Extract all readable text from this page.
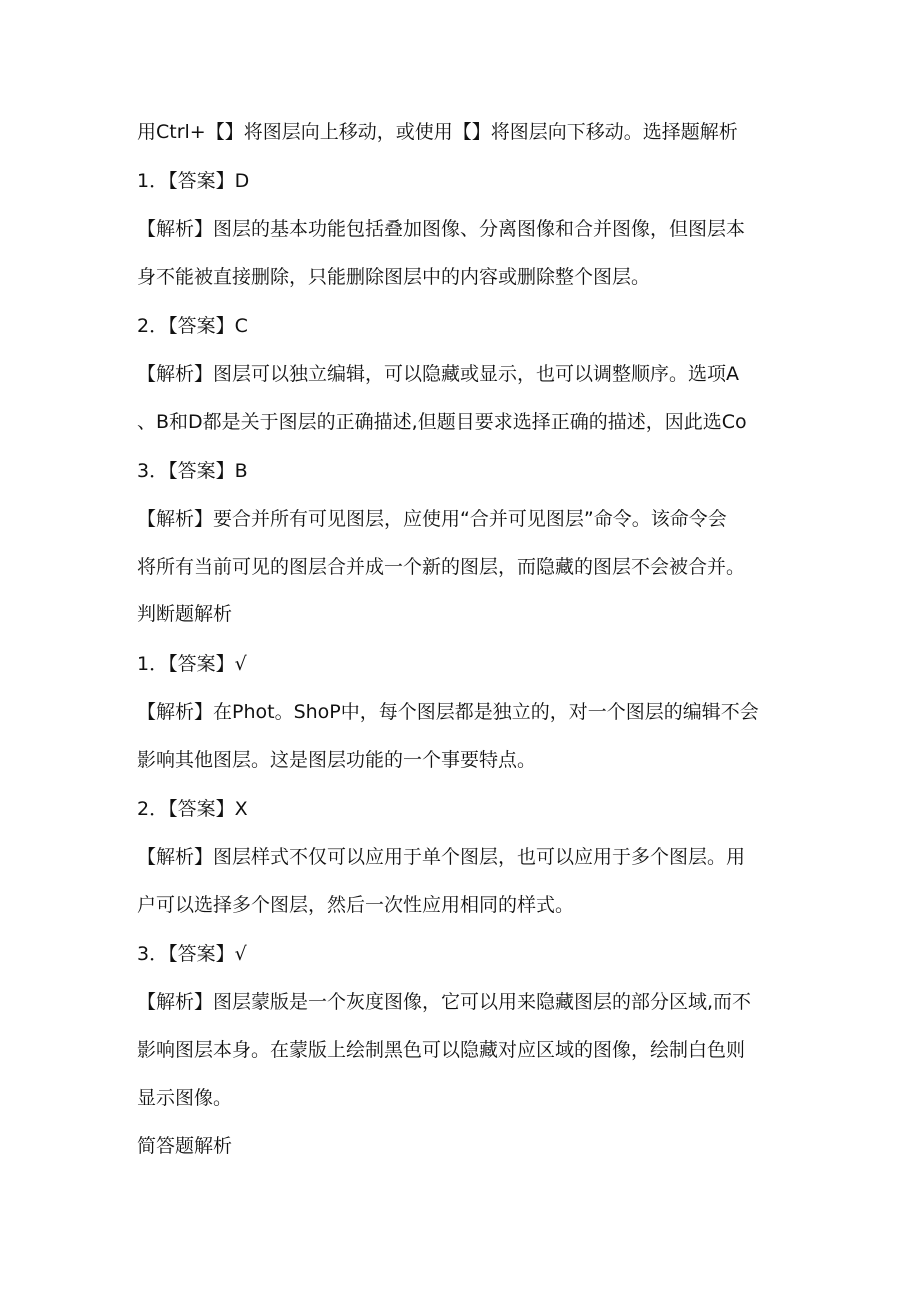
用Ctrl+【】将图层向上移动，或使用【】将图层向下移动。选择题解析
1．【答案】D
【解析】图层的基本功能包括叠加图像、分离图像和合并图像，但图层本
身不能被直接删除，只能删除图层中的内容或删除整个图层。
2．【答案】C
【解析】图层可以独立编辑，可以隐藏或显示，也可以调整顺序。选项A
、B和D都是关于图层的正确描述,但题目要求选择正确的描述，因此选Co
3．【答案】B
【解析】要合并所有可见图层，应使用“合并可见图层”命令。该命令会
将所有当前可见的图层合并成一个新的图层，而隐藏的图层不会被合并。
判断题解析
1．【答案】√
【解析】在Phot。ShoP中，每个图层都是独立的，对一个图层的编辑不会
影响其他图层。这是图层功能的一个事要特点。
2．【答案】X
【解析】图层样式不仅可以应用于单个图层，也可以应用于多个图层。用
户可以选择多个图层，然后一次性应用相同的样式。
3．【答案】√
【解析】图层蒙版是一个灰度图像，它可以用来隐藏图层的部分区域,而不
影响图层本身。在蒙版上绘制黑色可以隐藏对应区域的图像，绘制白色则
显示图像。
简答题解析
